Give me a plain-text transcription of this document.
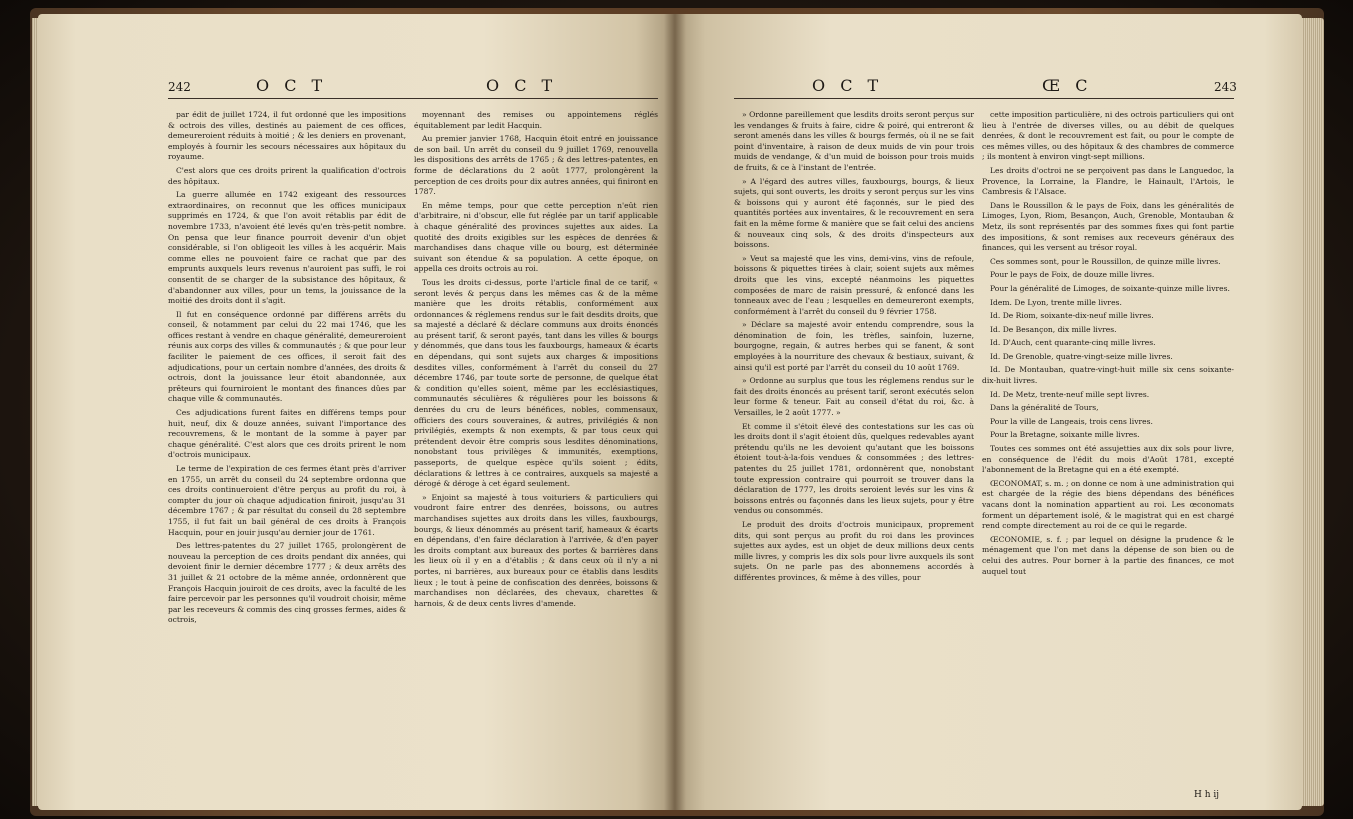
242	O C T	O C T

par édit de juillet 1724, il fut ordonné que les impositions & octrois des villes, destinés au paiement de ces offices, demeureroient réduits à moitié ; & les deniers en provenant, employés à fournir les secours nécessaires aux hôpitaux du royaume.

C'est alors que ces droits prirent la qualification d'octrois des hôpitaux.

La guerre allumée en 1742 exigeant des ressources extraordinaires, on reconnut que les offices municipaux supprimés en 1724, & que l'on avoit rétablis par édit de novembre 1733, n'avoient été levés qu'en très-petit nombre. On pensa que leur finance pourroit devenir d'un objet considérable, si l'on obligeoit les villes à les acquérir. Mais comme elles ne pouvoient faire ce rachat que par des emprunts auxquels leurs revenus n'auroient pas suffi, le roi consentit de se charger de la subsistance des hôpitaux, & d'abandonner aux villes, pour un tems, la jouissance de la moitié des droits dont il s'agit.

Il fut en conséquence ordonné par différens arrêts du conseil, & notamment par celui du 22 mai 1746, que les offices restant à vendre en chaque généralité, demeureroient réunis aux corps des villes & communautés ; & que pour leur faciliter le paiement de ces offices, il seroit fait des adjudications, pour un certain nombre d'années, des droits & octrois, dont la jouissance leur étoit abandonnée, aux prêteurs qui fourniroient le montant des finances dûes par chaque ville & communautés.

Ces adjudications furent faites en différens temps pour huit, neuf, dix & douze années, suivant l'importance des recouvremens, & le montant de la somme à payer par chaque généralité. C'est alors que ces droits prirent le nom d'octrois municipaux.

Le terme de l'expiration de ces fermes étant près d'arriver en 1755, un arrêt du conseil du 24 septembre ordonna que ces droits continueroient d'être perçus au profit du roi, à compter du jour où chaque adjudication finiroit, jusqu'au 31 décembre 1767 ; & par résultat du conseil du 28 septembre 1755, il fut fait un bail général de ces droits à François Hacquin, pour en jouir jusqu'au dernier jour de 1761.

Des lettres-patentes du 27 juillet 1765, prolongèrent de nouveau la perception de ces droits pendant dix années, qui devoient finir le dernier décembre 1777 ; & deux arrêts des 31 juillet & 21 octobre de la même année, ordonnèrent que François Hacquin jouiroit de ces droits, avec la faculté de les faire percevoir par les personnes qu'il voudroit choisir, même par les receveurs & commis des cinq grosses fermes, aides & octrois,

moyennant des remises ou appointemens réglés équitablement par ledit Hacquin.

Au premier janvier 1768, Hacquin étoit entré en jouissance de son bail. Un arrêt du conseil du 9 juillet 1769, renouvella les dispositions des arrêts de 1765 ; & des lettres-patentes, en forme de déclarations du 2 août 1777, prolongèrent la perception de ces droits pour dix autres années, qui finiront en 1787.

En même temps, pour que cette perception n'eût rien d'arbitraire, ni d'obscur, elle fut réglée par un tarif applicable à chaque généralité des provinces sujettes aux aides. La quotité des droits exigibles sur les espèces de denrées & marchandises dans chaque ville ou bourg, est déterminée suivant son étendue & sa population. A cette époque, on appella ces droits octrois au roi.

Tous les droits ci-dessus, porte l'article final de ce tarif, « seront levés & perçus dans les mêmes cas & de la même manière que les droits rétablis, conformément aux ordonnances & réglemens rendus sur le fait desdits droits, que sa majesté a déclaré & déclare communs aux droits énoncés au présent tarif, & seront payés, tant dans les villes & bourgs y dénommés, que dans tous les fauxbourgs, hameaux & écarts en dépendans, qui sont sujets aux charges & impositions desdites villes, conformément à l'arrêt du conseil du 27 décembre 1746, par toute sorte de personne, de quelque état & condition qu'elles soient, même par les ecclésiastiques, communautés séculières & régulières pour les boissons & denrées du cru de leurs bénéfices, nobles, commensaux, officiers des cours souveraines, & autres, privilégiés & non privilégiés, exempts & non exempts, & par tous ceux qui prétendent devoir être compris sous lesdites dénominations, nonobstant tous privilèges & immunités, exemptions, passeports, de quelque espèce qu'ils soient ; édits, déclarations & lettres à ce contraires, auxquels sa majesté a dérogé & déroge à cet égard seulement.

» Enjoint sa majesté à tous voituriers & particuliers qui voudront faire entrer des denrées, boissons, ou autres marchandises sujettes aux droits dans les villes, fauxbourgs, bourgs, & lieux dénommés au présent tarif, hameaux & écarts en dépendans, d'en faire déclaration à l'arrivée, & d'en payer les droits comptant aux bureaux des portes & barrières dans les lieux où il y en a d'établis ; & dans ceux où il n'y a ni portes, ni barrières, aux bureaux pour ce établis dans lesdits lieux ; le tout à peine de confiscation des denrées, boissons & marchandises non déclarées, des chevaux, charettes & harnois, & de deux cents livres d'amende.

O C T	Œ C	243

» Ordonne pareillement que lesdits droits seront perçus sur les vendanges & fruits à faire, cidre & poiré, qui entreront & seront amenés dans les villes & bourgs fermés, où il ne se fait point d'inventaire, à raison de deux muids de vin pour trois muids de vendange, & d'un muid de boisson pour trois muids de fruits, & ce à l'instant de l'entrée.

» A l'égard des autres villes, fauxbourgs, bourgs, & lieux sujets, qui sont ouverts, les droits y seront perçus sur les vins & boissons qui y auront été façonnés, sur le pied des quantités portées aux inventaires, & le recouvrement en sera fait en la même forme & manière que se fait celui des anciens & nouveaux cinq sols, & des droits d'inspecteurs aux boissons.

» Veut sa majesté que les vins, demi-vins, vins de refoule, boissons & piquettes tirées à clair, soient sujets aux mêmes droits que les vins, excepté néanmoins les piquettes composées de marc de raisin pressuré, & enfoncé dans les tonneaux avec de l'eau ; lesquelles en demeureront exempts, conformément à l'arrêt du conseil du 9 février 1758.

» Déclare sa majesté avoir entendu comprendre, sous la dénomination de foin, les trèfles, sainfoin, luzerne, bourgogne, regain, & autres herbes qui se fanent, & sont employées à la nourriture des chevaux & bestiaux, suivant, & ainsi qu'il est porté par l'arrêt du conseil du 10 août 1769.

» Ordonne au surplus que tous les réglemens rendus sur le fait des droits énoncés au présent tarif, seront exécutés selon leur forme & teneur. Fait au conseil d'état du roi, &c. à Versailles, le 2 août 1777. »

Et comme il s'étoit élevé des contestations sur les cas où les droits dont il s'agit étoient dûs, quelques redevables ayant prétendu qu'ils ne les devoient qu'autant que les boissons étoient tout-à-la-fois vendues & consommées ; des lettres-patentes du 25 juillet 1781, ordonnèrent que, nonobstant toute expression contraire qui pourroit se trouver dans la déclaration de 1777, les droits seroient levés sur les vins & boissons entrés ou façonnés dans les lieux sujets, pour y être vendus ou consommés.

Le produit des droits d'octrois municipaux, proprement dits, qui sont perçus au profit du roi dans les provinces sujettes aux aydes, est un objet de deux millions deux cents mille livres, y compris les dix sols pour livre auxquels ils sont sujets. On ne parle pas des abonnemens accordés à différentes provinces, & même à des villes, pour

cette imposition particulière, ni des octrois particuliers qui ont lieu à l'entrée de diverses villes, ou au débit de quelques denrées, & dont le recouvrement est fait, ou pour le compte de ces mêmes villes, ou des hôpitaux & des chambres de commerce ; ils montent à environ vingt-sept millions.

Les droits d'octroi ne se perçoivent pas dans le Languedoc, la Provence, la Lorraine, la Flandre, le Hainault, l'Artois, le Cambresis & l'Alsace.

Dans le Roussillon & le pays de Foix, dans les généralités de Limoges, Lyon, Riom, Besançon, Auch, Grenoble, Montauban & Metz, ils sont représentés par des sommes fixes qui font partie des impositions, & sont remises aux receveurs généraux des finances, qui les versent au trésor royal.

Ces sommes sont, pour le Roussillon, de quinze mille livres.

Pour le pays de Foix, de douze mille livres.

Pour la généralité de Limoges, de soixante-quinze mille livres.

Idem. De Lyon, trente mille livres.

Id. De Riom, soixante-dix-neuf mille livres.

Id. De Besançon, dix mille livres.

Id. D'Auch, cent quarante-cinq mille livres.

Id. De Grenoble, quatre-vingt-seize mille livres.

Id. De Montauban, quatre-vingt-huit mille six cens soixante-dix-huit livres.

Id. De Metz, trente-neuf mille sept livres.

Dans la généralité de Tours,

Pour la ville de Langeais, trois cens livres.

Pour la Bretagne, soixante mille livres.

Toutes ces sommes ont été assujetties aux dix sols pour livre, en conséquence de l'édit du mois d'Août 1781, excepté l'abonnement de la Bretagne qui en a été exempté.

ŒCONOMAT, s. m. ; on donne ce nom à une administration qui est chargée de la régie des biens dépendans des bénéfices vacans dont la nomination appartient au roi. Les œconomats forment un département isolé, & le magistrat qui en est chargé rend compte directement au roi de ce qui le regarde.

ŒCONOMIE, s. f. ; par lequel on désigne la prudence & le ménagement que l'on met dans la dépense de son bien ou de celui des autres. Pour borner à la partie des finances, ce mot auquel tout

H h ij
